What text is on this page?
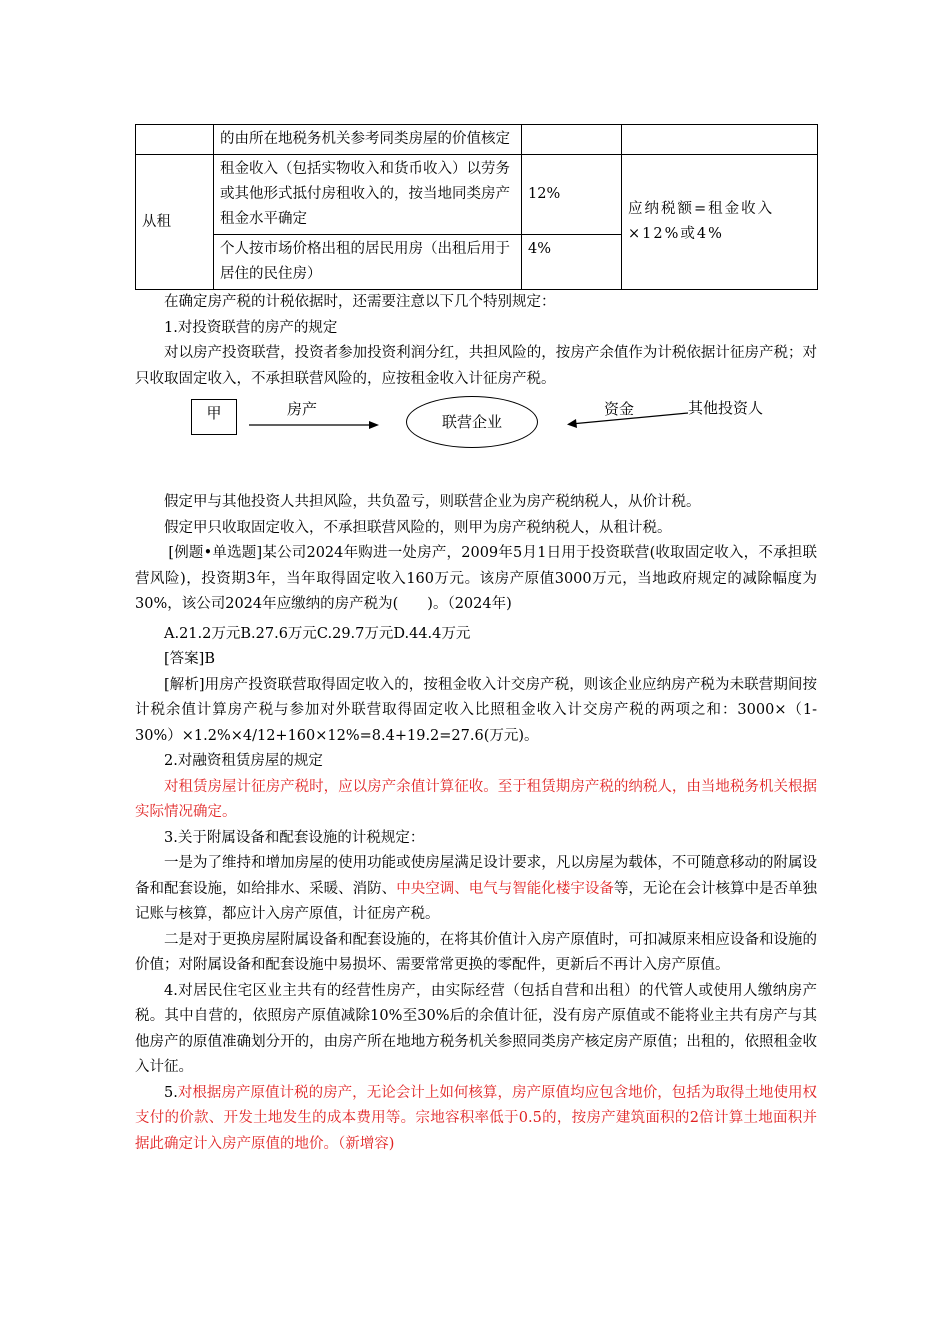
	的由所在地税务机关参考同类房屋的价值核定		
从租	租金收入（包括实物收入和货币收入）以劳务或其他形式抵付房租收入的，按当地同类房产租金水平确定	12%	应纳税额=租金收入×12%或4%
	个人按市场价格出租的居民用房（出租后用于居住的民住房）	4%	

在确定房产税的计税依据时，还需要注意以下几个特别规定：

1.对投资联营的房产的规定

对以房产投资联营，投资者参加投资利润分红，共担风险的，按房产余值作为计税依据计征房产税；对只收取固定收入，不承担联营风险的，应按租金收入计征房产税。

甲	房产
联营企业
资金	其他投资人

假定甲与其他投资人共担风险，共负盈亏，则联营企业为房产税纳税人，从价计税。

假定甲只收取固定收入，不承担联营风险的，则甲为房产税纳税人，从租计税。

[例题•单选题]某公司2024年购进一处房产，2009年5月1日用于投资联营(收取固定收入，不承担联营风险)，投资期3年，当年取得固定收入160万元。该房产原值3000万元，当地政府规定的减除幅度为30%，该公司2024年应缴纳的房产税为(　　)。（2024年)

A.21.2万元B.27.6万元C.29.7万元D.44.4万元

[答案]B

[解析]用房产投资联营取得固定收入的，按租金收入计交房产税，则该企业应纳房产税为未联营期间按计税余值计算房产税与参加对外联营取得固定收入比照租金收入计交房产税的两项之和：3000×（1-30%）×1.2%×4/12+160×12%=8.4+19.2=27.6(万元)。

2.对融资租赁房屋的规定

对租赁房屋计征房产税时，应以房产余值计算征收。至于租赁期房产税的纳税人，由当地税务机关根据实际情况确定。

3.关于附属设备和配套设施的计税规定：

一是为了维持和增加房屋的使用功能或使房屋满足设计要求，凡以房屋为载体，不可随意移动的附属设备和配套设施，如给排水、采暖、消防、中央空调、电气与智能化楼宇设备等，无论在会计核算中是否单独记账与核算，都应计入房产原值，计征房产税。

二是对于更换房屋附属设备和配套设施的，在将其价值计入房产原值时，可扣减原来相应设备和设施的价值；对附属设备和配套设施中易损坏、需要常常更换的零配件，更新后不再计入房产原值。

4.对居民住宅区业主共有的经营性房产，由实际经营（包括自营和出租）的代管人或使用人缴纳房产税。其中自营的，依照房产原值减除10%至30%后的余值计征，没有房产原值或不能将业主共有房产与其他房产的原值准确划分开的，由房产所在地地方税务机关参照同类房产核定房产原值；出租的，依照租金收入计征。

5.对根据房产原值计税的房产，无论会计上如何核算，房产原值均应包含地价，包括为取得土地使用权支付的价款、开发土地发生的成本费用等。宗地容积率低于0.5的，按房产建筑面积的2倍计算土地面积并据此确定计入房产原值的地价。（新增容)
